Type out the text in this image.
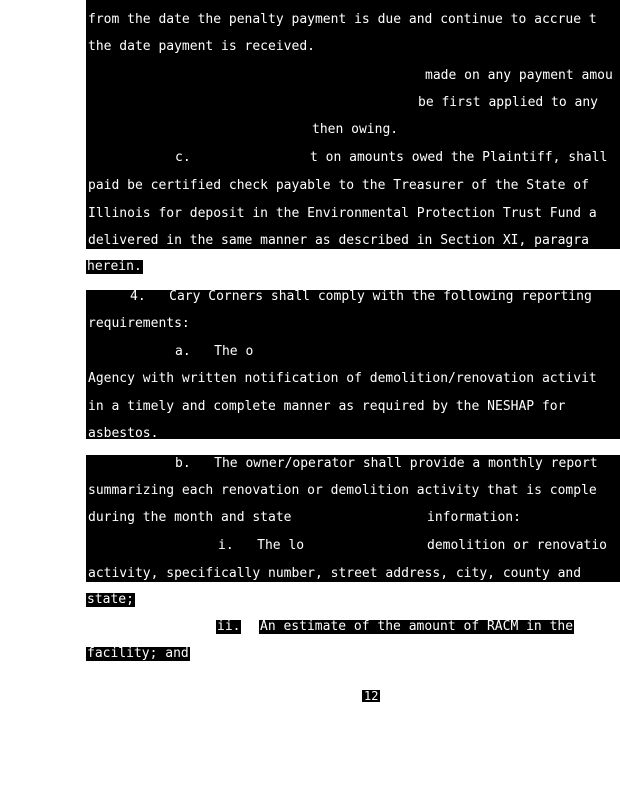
from the date the penalty payment is due and continue to accrue t
the date payment is received.
made on any payment amou
be first applied to any
then owing.
c.	t on amounts owed the Plaintiff, shall
paid be certified check payable to the Treasurer of the State of
Illinois for deposit in the Environmental Protection Trust Fund a
delivered in the same manner as described in Section XI, paragra
herein.
4.   Cary Corners shall comply with the following reporting
requirements:
a.   The o
Agency with written notification of demolition/renovation activit
in a timely and complete manner as required by the NESHAP for
asbestos.
b.   The owner/operator shall provide a monthly report
summarizing each renovation or demolition activity that is comple
during the month and state	information:
i.   The lo	demolition or renovatio
activity, specifically number, street address, city, county and
state;
ii. An estimate of the amount of RACM in the
facility; and
12
